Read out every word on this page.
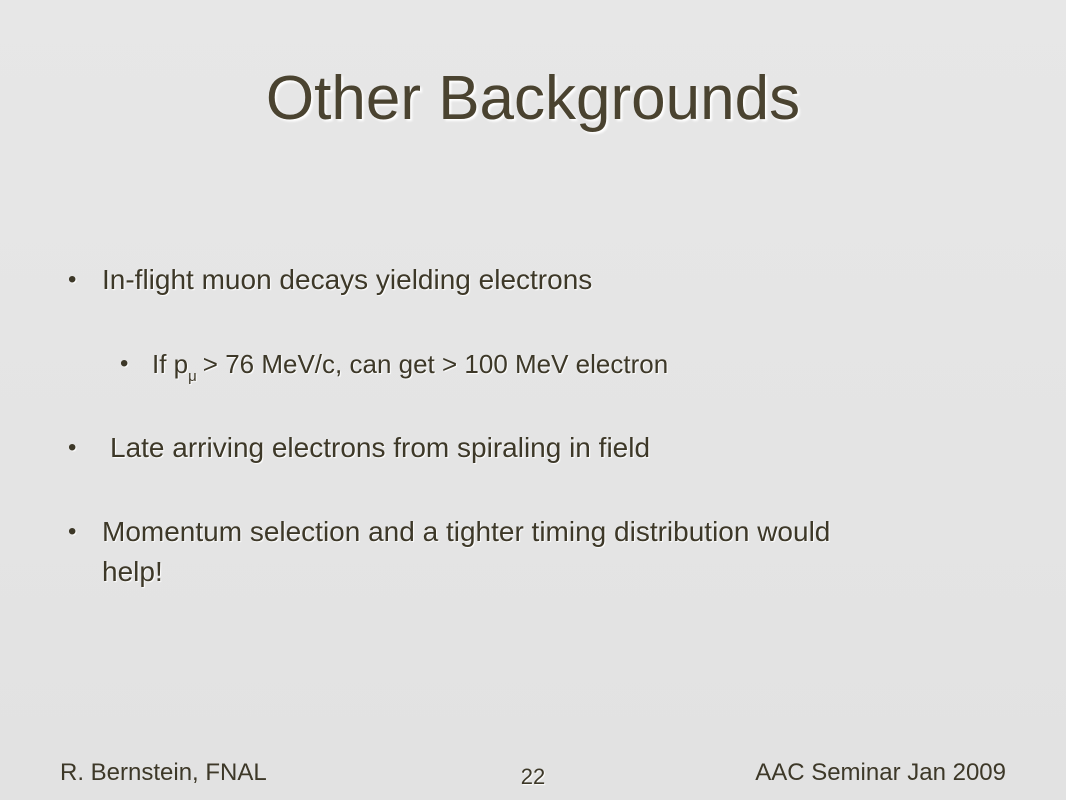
Other Backgrounds
• In-flight muon decays yielding electrons
• If $p_\mu > 76$ MeV/c, can get > 100 MeV electron
• Late arriving electrons from spiraling in field
• Momentum selection and a tighter timing distribution would help!
R. Bernstein, FNAL	22	AAC Seminar Jan 2009
